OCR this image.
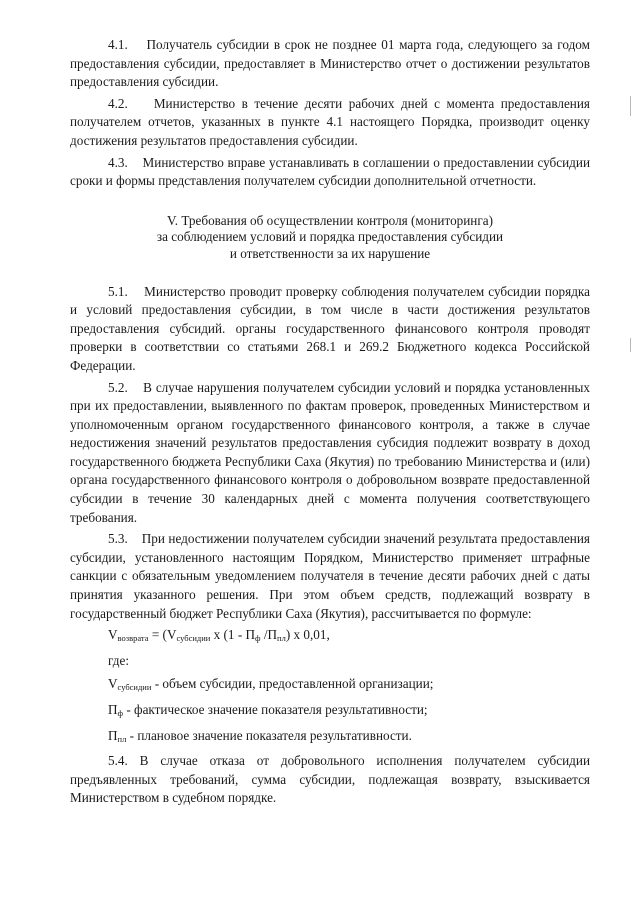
4.1. Получатель субсидии в срок не позднее 01 марта года, следующего за годом предоставления субсидии, предоставляет в Министерство отчет о достижении результатов предоставления субсидии.

4.2. Министерство в течение десяти рабочих дней с момента предоставления получателем отчетов, указанных в пункте 4.1 настоящего Порядка, производит оценку достижения результатов предоставления субсидии.

4.3. Министерство вправе устанавливать в соглашении о предоставлении субсидии сроки и формы представления получателем субсидии дополнительной отчетности.

V. Требования об осуществлении контроля (мониторинга)
за соблюдением условий и порядка предоставления субсидии
и ответственности за их нарушение

5.1. Министерство проводит проверку соблюдения получателем субсидии порядка и условий предоставления субсидии, в том числе в части достижения результатов предоставления субсидий. органы государственного финансового контроля проводят проверки в соответствии со статьями 268.1 и 269.2 Бюджетного кодекса Российской Федерации.

5.2. В случае нарушения получателем субсидии условий и порядка установленных при их предоставлении, выявленного по фактам проверок, проведенных Министерством и уполномоченным органом государственного финансового контроля, а также в случае недостижения значений результатов предоставления субсидия подлежит возврату в доход государственного бюджета Республики Саха (Якутия) по требованию Министерства и (или) органа государственного финансового контроля о добровольном возврате предоставленной субсидии в течение 30 календарных дней с момента получения соответствующего требования.

5.3. При недостижении получателем субсидии значений результата предоставления субсидии, установленного настоящим Порядком, Министерство применяет штрафные санкции с обязательным уведомлением получателя в течение десяти рабочих дней с даты принятия указанного решения. При этом объем средств, подлежащий возврату в государственный бюджет Республики Саха (Якутия), рассчитывается по формуле:

$V_{возврата} = (V_{субсидии}$ x ($1 - П_ф$ $/П_{пл}$) x 0,01,

где:

$V_{субсидии}$ - объем субсидии, предоставленной организации;

$П_ф$ - фактическое значение показателя результативности;

$П_{пл}$ - плановое значение показателя результативности.

5.4. В случае отказа от добровольного исполнения получателем субсидии предъявленных требований, сумма субсидии, подлежащая возврату, взыскивается Министерством в судебном порядке.
